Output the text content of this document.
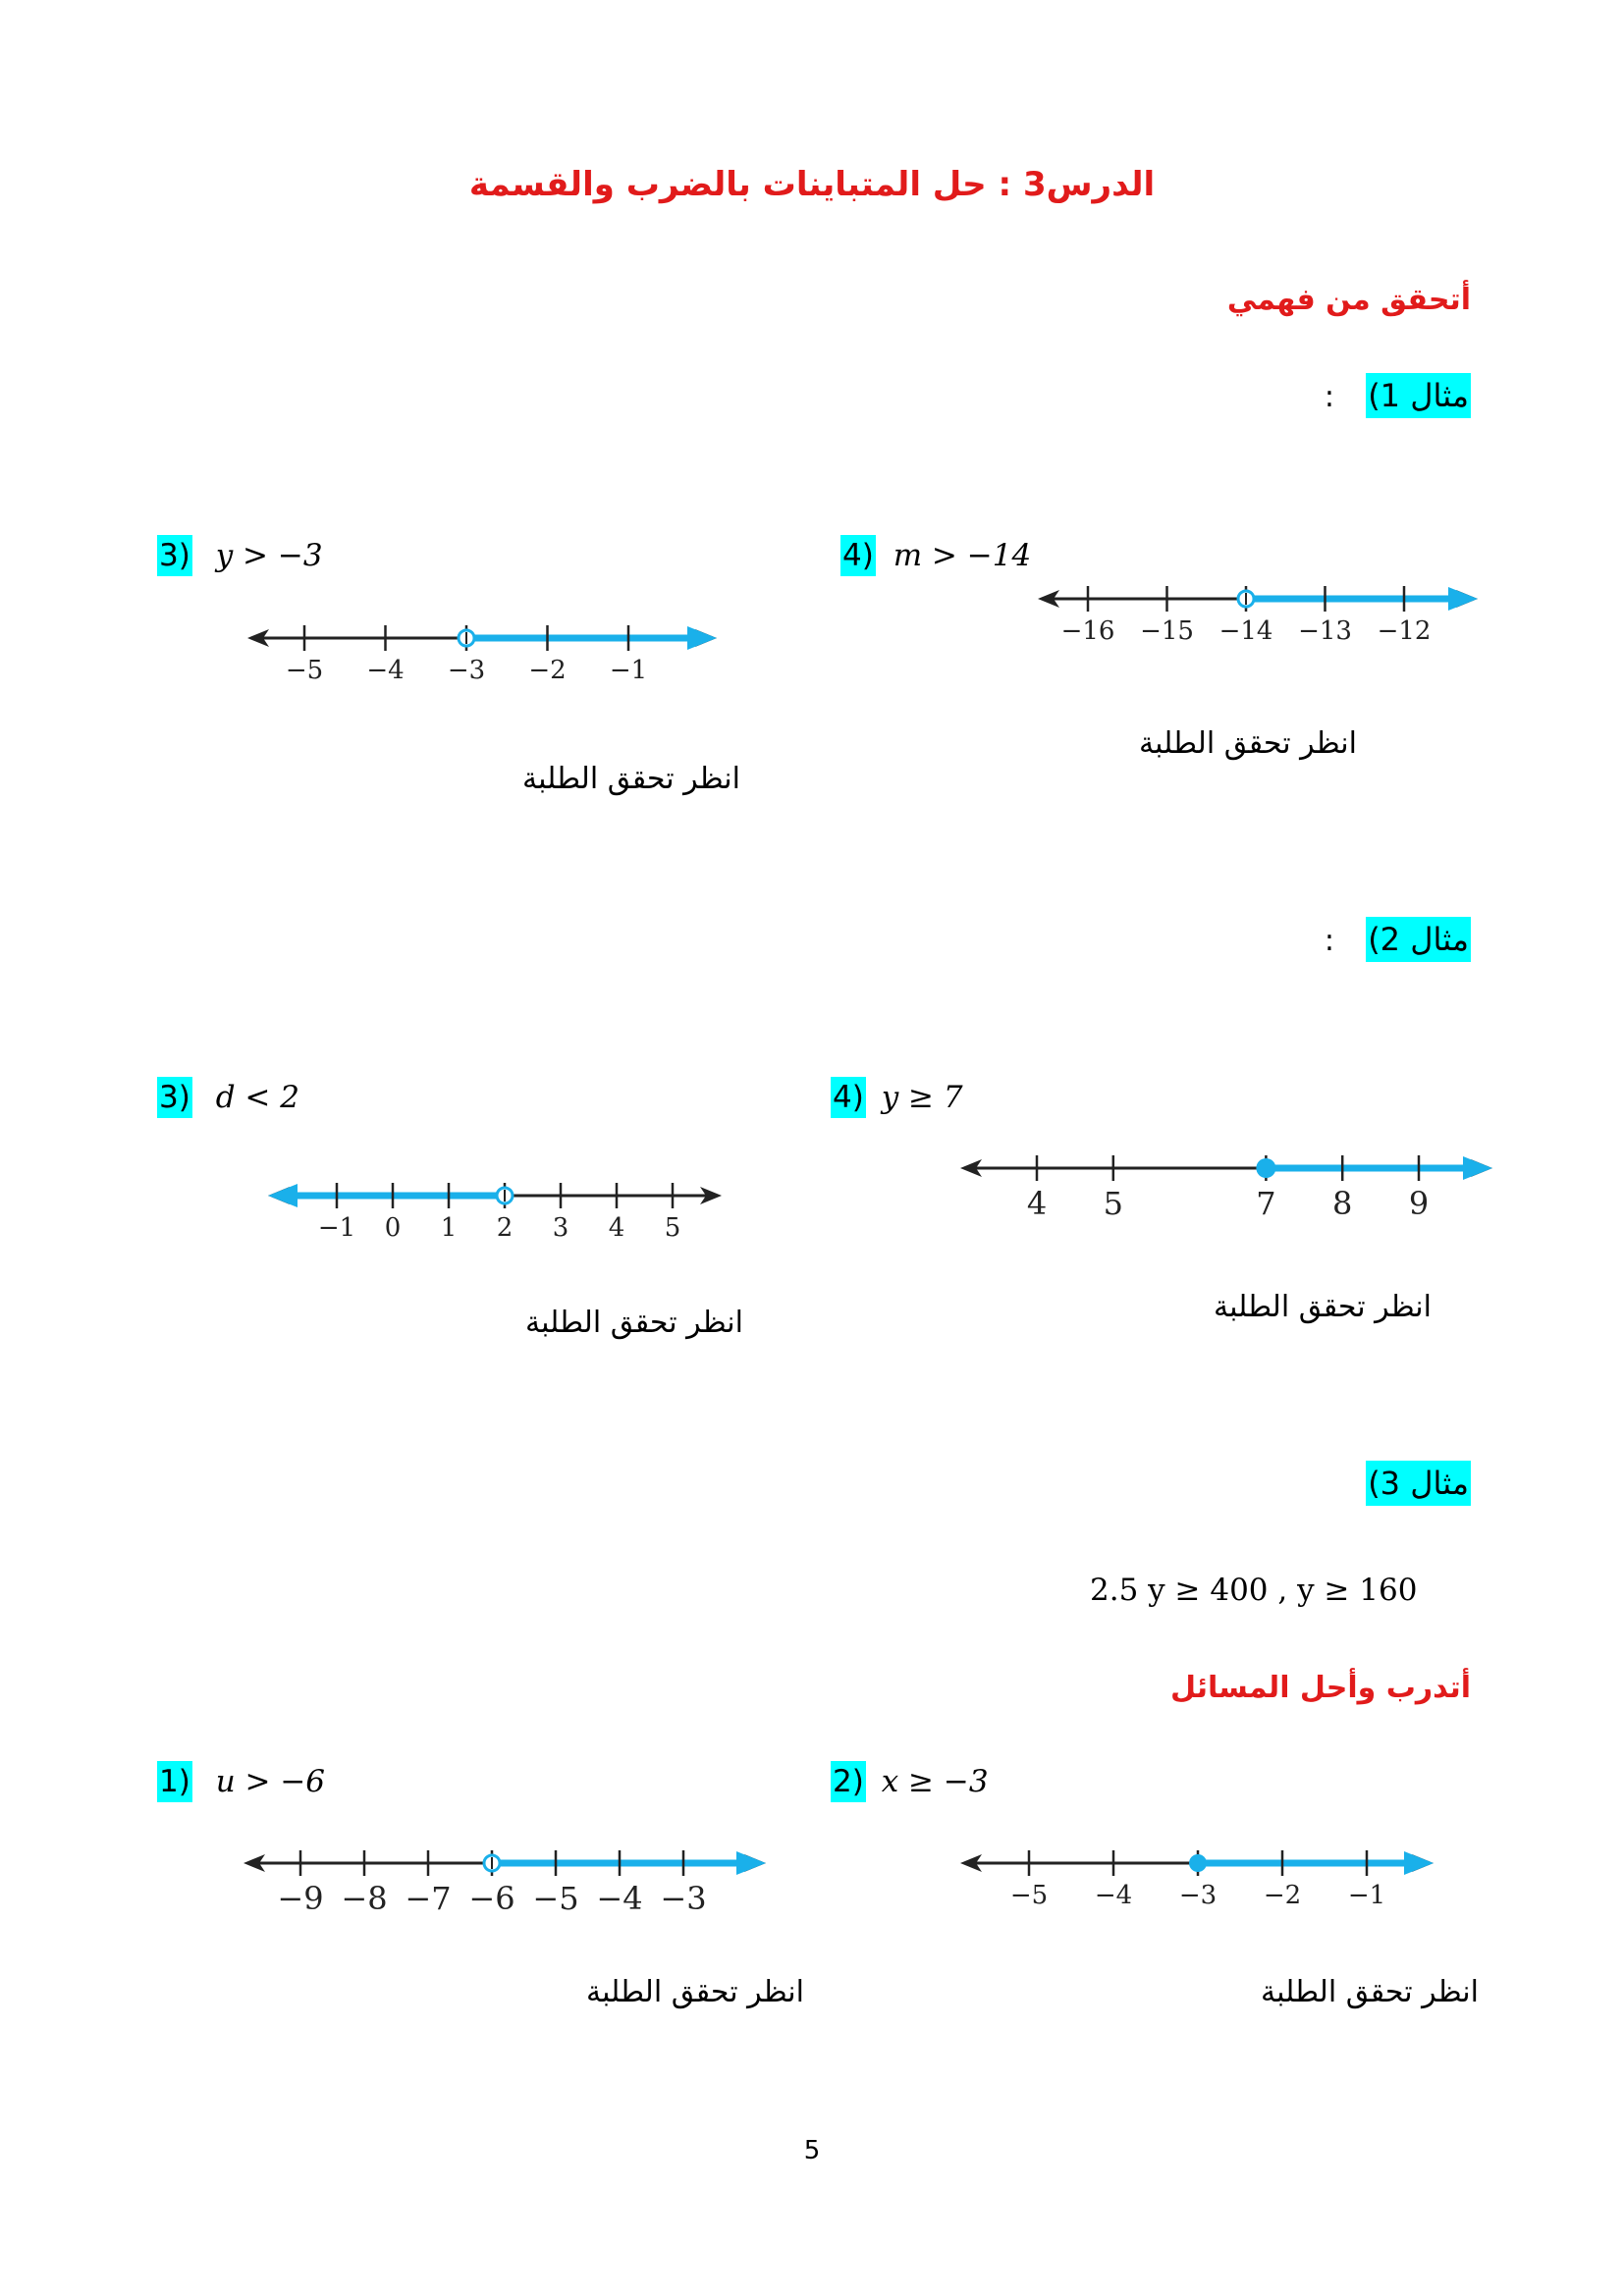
الدرس3 : حل المتباينات بالضرب والقسمة
أتحقق من فهمي
مثال 1) :
3) y > −3	4) m > −14
−5 −4 −3 −2 −1
−16 −15 −14 −13 −12
انظر تحقق الطلبة
انظر تحقق الطلبة
مثال 2) :
3) d < 2	4) y ≥ 7
−1 0 1 2 3 4 5
4 5	7 8 9
انظر تحقق الطلبة	انظر تحقق الطلبة
مثال 3)
2.5 y ≥ 400 , y ≥ 160
أتدرب وأحل المسائل
1) u > −6	2) x ≥ −3
−9 −8 −7 −6 −5 −4 −3	−5 −4 −3 −2 −1
انظر تحقق الطلبة	انظر تحقق الطلبة
5
